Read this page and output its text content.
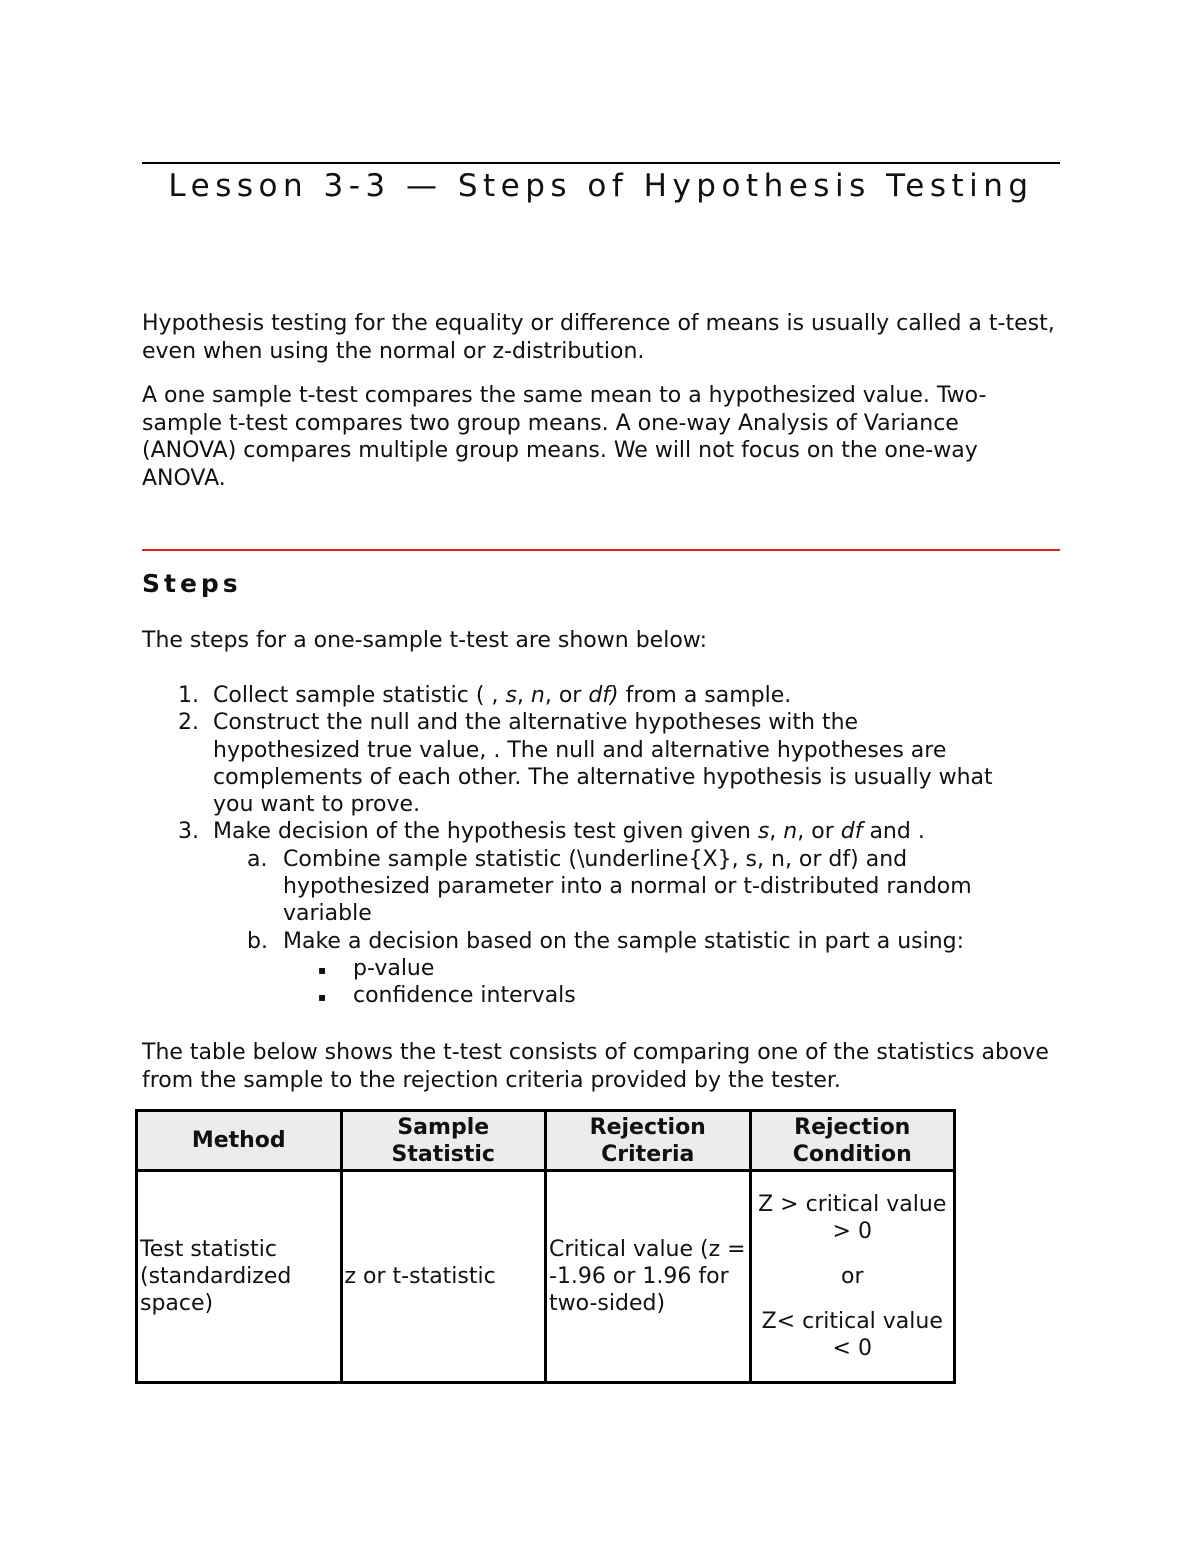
Lesson 3-3 — Steps of Hypothesis Testing

Hypothesis testing for the equality or difference of means is usually called a t-test, even when using the normal or z-distribution.

A one sample t-test compares the same mean to a hypothesized value. Two-sample t-test compares two group means. A one-way Analysis of Variance (ANOVA) compares multiple group means. We will not focus on the one-way ANOVA.

Steps

The steps for a one-sample t-test are shown below:

1. Collect sample statistic ( , s, n, or df) from a sample.
2. Construct the null and the alternative hypotheses with the
hypothesized true value, . The null and alternative hypotheses are
complements of each other. The alternative hypothesis is usually what
you want to prove.
3. Make decision of the hypothesis test given given s, n, or df and .
a. Combine sample statistic (\underline{X}, s, n, or df) and
hypothesized parameter into a normal or t-distributed random
variable
b. Make a decision based on the sample statistic in part a using:
▪ p-value
▪ confidence intervals

The table below shows the t-test consists of comparing one of the statistics above from the sample to the rejection criteria provided by the tester.

Method	Sample Statistic	Rejection Criteria	Rejection Condition
Test statistic (standardized space)	z or t-statistic	Critical value (z = -1.96 or 1.96 for two-sided)	Z > critical value > 0
or
Z< critical value < 0
